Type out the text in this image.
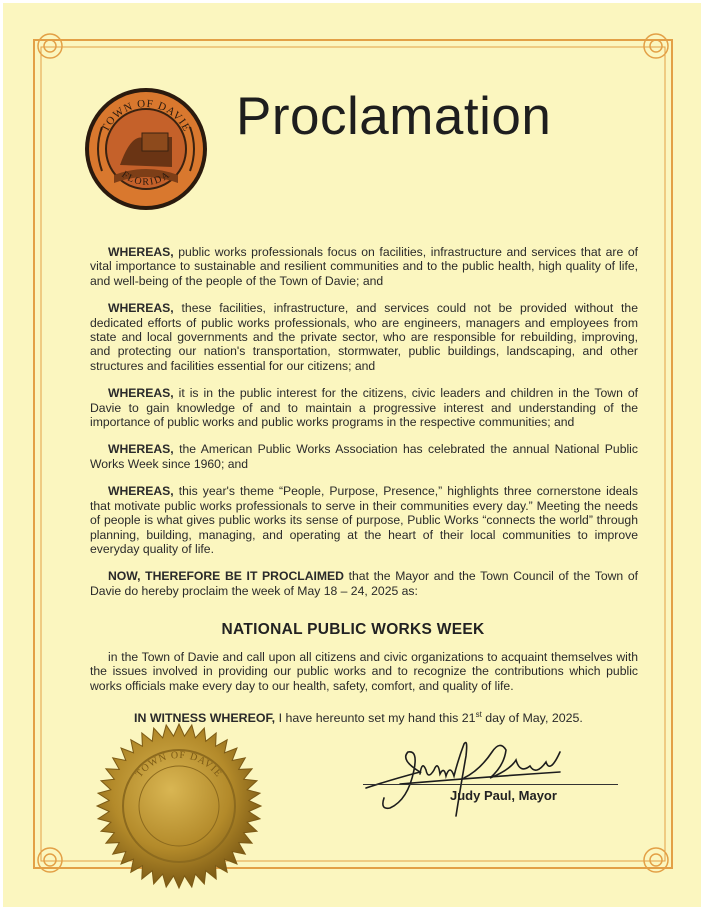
TOWN OF DAVIE
FLORIDA
Proclamation

WHEREAS, public works professionals focus on facilities, infrastructure and services that are of vital importance to sustainable and resilient communities and to the public health, high quality of life, and well-being of the people of the Town of Davie; and

WHEREAS, these facilities, infrastructure, and services could not be provided without the dedicated efforts of public works professionals, who are engineers, managers and employees from state and local governments and the private sector, who are responsible for rebuilding, improving, and protecting our nation's transportation, stormwater, public buildings, landscaping, and other structures and facilities essential for our citizens; and

WHEREAS, it is in the public interest for the citizens, civic leaders and children in the Town of Davie to gain knowledge of and to maintain a progressive interest and understanding of the importance of public works and public works programs in the respective communities; and

WHEREAS, the American Public Works Association has celebrated the annual National Public Works Week since 1960; and

WHEREAS, this year's theme “People, Purpose, Presence,” highlights three cornerstone ideals that motivate public works professionals to serve in their communities every day.” Meeting the needs of people is what gives public works its sense of purpose, Public Works “connects the world” through planning, building, managing, and operating at the heart of their local communities to improve everyday quality of life.

NOW, THEREFORE BE IT PROCLAIMED that the Mayor and the Town Council of the Town of Davie do hereby proclaim the week of May 18 – 24, 2025 as:

NATIONAL PUBLIC WORKS WEEK
in the Town of Davie and call upon all citizens and civic organizations to acquaint themselves with the issues involved in providing our public works and to recognize the contributions which public works officials make every day to our health, safety, comfort, and quality of life.
IN WITNESS WHEREOF, I have hereunto set my hand this 21st day of May, 2025.
TOWN OF DAVIE
Judy Paul, Mayor
